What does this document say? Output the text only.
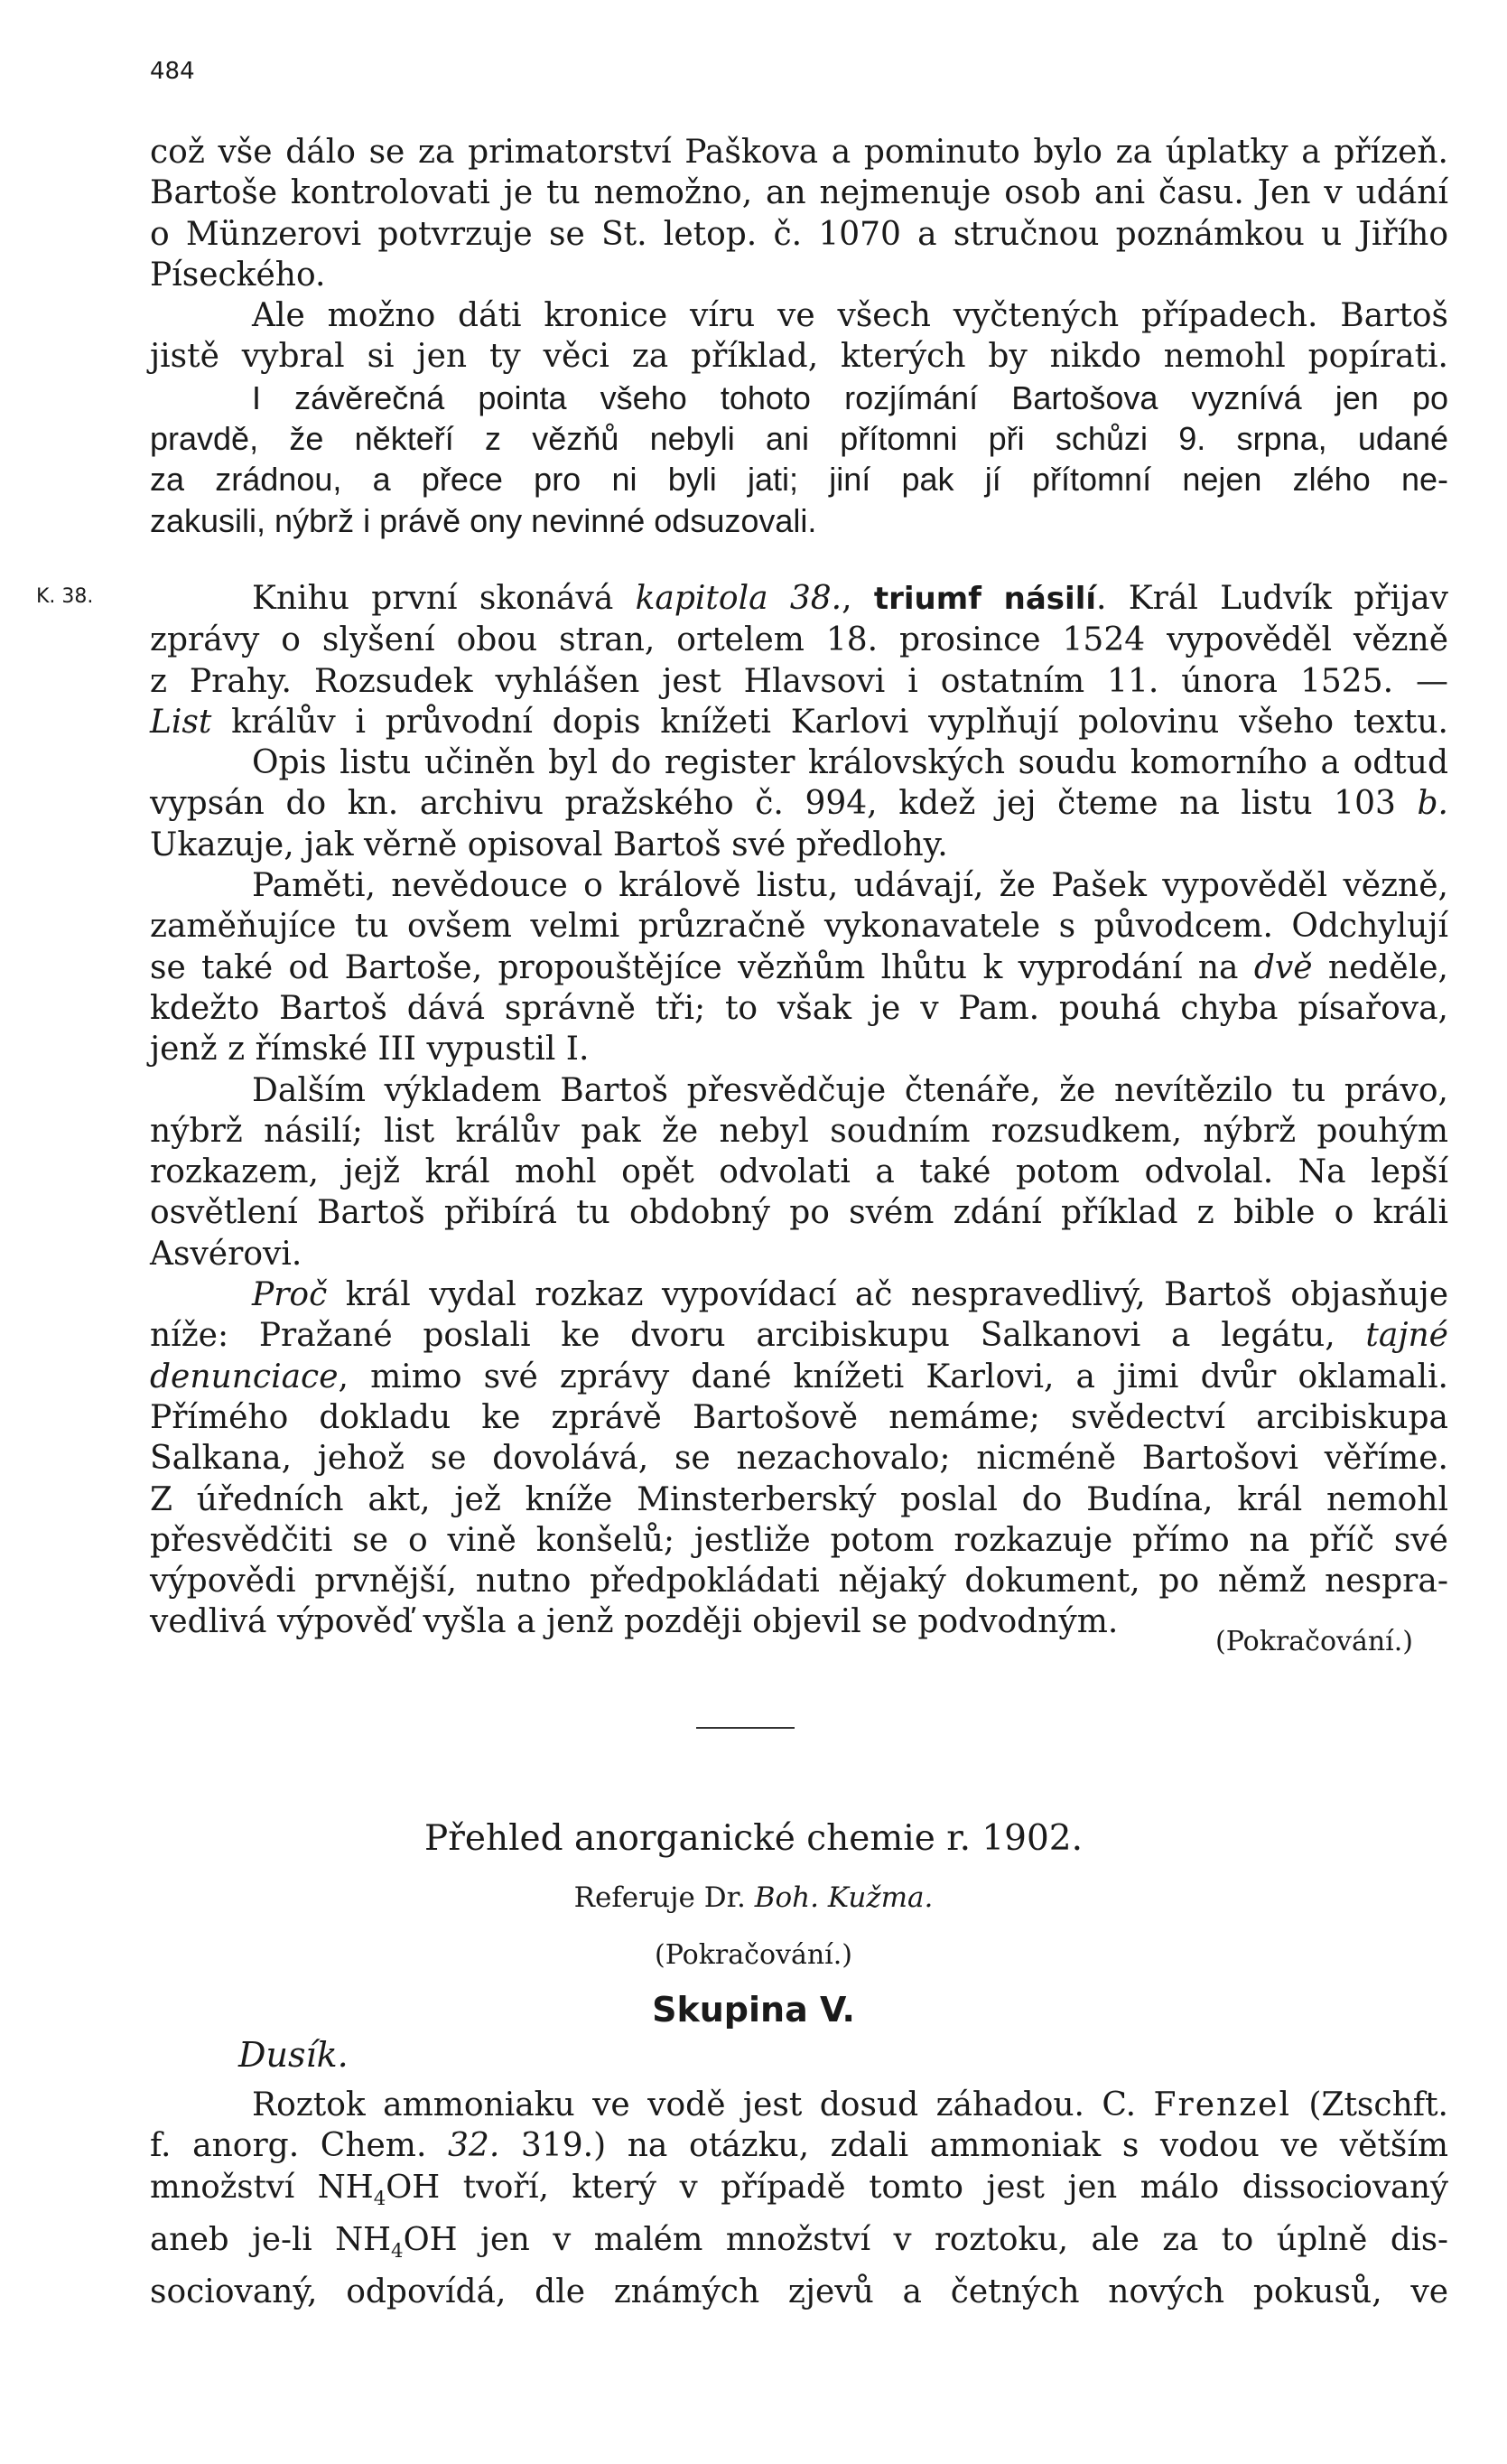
484
což vše dálo se za primatorství Paškova a pominuto bylo za úplatky a přízeň.
Bartoše kontrolovati je tu nemožno, an nejmenuje osob ani času. Jen v udání
o Münzerovi potvrzuje se St. letop. č. 1070 a stručnou poznámkou u Jiřího
Píseckého.
Ale možno dáti kronice víru ve všech vyčtených případech. Bartoš
jistě vybral si jen ty věci za příklad, kterých by nikdo nemohl popírati.
I závěrečná pointa všeho tohoto rozjímání Bartošova vyznívá jen po
pravdě, že někteří z vězňů nebyli ani přítomni při schůzi 9. srpna, udané
za zrádnou, a přece pro ni byli jati; jiní pak jí přítomní nejen zlého ne-
zakusili, nýbrž i právě ony nevinné odsuzovali.
K. 38.	Knihu první skonává kapitola 38., triumf násilí. Král Ludvík přijav
zprávy o slyšení obou stran, ortelem 18. prosince 1524 vypověděl vězně
z Prahy. Rozsudek vyhlášen jest Hlavsovi i ostatním 11. února 1525. —
List králův i průvodní dopis knížeti Karlovi vyplňují polovinu všeho textu.
Opis listu učiněn byl do register královských soudu komorního a odtud
vypsán do kn. archivu pražského č. 994, kdež jej čteme na listu 103 b.
Ukazuje, jak věrně opisoval Bartoš své předlohy.
Paměti, nevědouce o králově listu, udávají, že Pašek vypověděl vězně,
zaměňujíce tu ovšem velmi průzračně vykonavatele s původcem. Odchylují
se také od Bartoše, propouštějíce vězňům lhůtu k vyprodání na dvě neděle,
kdežto Bartoš dává správně tři; to však je v Pam. pouhá chyba písařova,
jenž z římské III vypustil I.
Dalším výkladem Bartoš přesvědčuje čtenáře, že nevítězilo tu právo,
nýbrž násilí; list králův pak že nebyl soudním rozsudkem, nýbrž pouhým
rozkazem, jejž král mohl opět odvolati a také potom odvolal. Na lepší
osvětlení Bartoš přibírá tu obdobný po svém zdání příklad z bible o králi
Asvérovi.
Proč král vydal rozkaz vypovídací ač nespravedlivý, Bartoš objasňuje
níže: Pražané poslali ke dvoru arcibiskupu Salkanovi a legátu, tajné
denunciace, mimo své zprávy dané knížeti Karlovi, a jimi dvůr oklamali.
Přímého dokladu ke zprávě Bartošově nemáme; svědectví arcibiskupa
Salkana, jehož se dovolává, se nezachovalo; nicméně Bartošovi věříme.
Z úředních akt, jež kníže Minsterberský poslal do Budína, král nemohl
přesvědčiti se o vině konšelů; jestliže potom rozkazuje přímo na příč své
výpovědi prvnější, nutno předpokládati nějaký dokument, po němž nespra-
vedlivá výpověď vyšla a jenž později objevil se podvodným.
(Pokračování.)
Přehled anorganické chemie r. 1902.
Referuje Dr. Boh. Kužma.
(Pokračování.)
Skupina V.
Dusík.
Roztok ammoniaku ve vodě jest dosud záhadou. C. Frenzel (Ztschft.
f. anorg. Chem. 32. 319.) na otázku, zdali ammoniak s vodou ve větším
množství $NH_4OH$ tvoří, který v případě tomto jest jen málo dissociovaný
aneb je-li $NH_4OH$ jen v malém množství v roztoku, ale za to úplně dis-
sociovaný, odpovídá, dle známých zjevů a četných nových pokusů, ve
